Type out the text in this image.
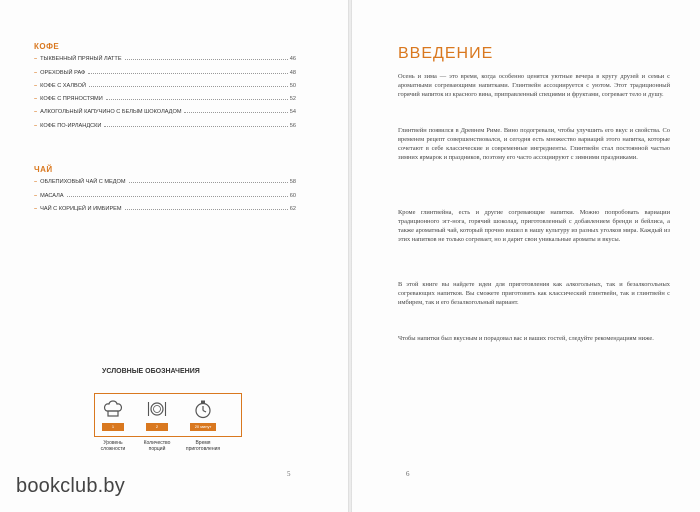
КОФЕ
– ТЫКВЕННЫЙ ПРЯНЫЙ ЛАТТЕ	46
– ОРЕХОВЫЙ РАФ	48
– КОФЕ С ХАЛВОЙ	50
– КОФЕ С ПРЯНОСТЯМИ	52
– АЛКОГОЛЬНЫЙ КАПУЧИНО С БЕЛЫМ ШОКОЛАДОМ	54
– КОФЕ ПО-ИРЛАНДСКИ	56
ЧАЙ
– ОБЛЕПИХОВЫЙ ЧАЙ С МЕДОМ	58
– МАСАЛА	60
– ЧАЙ С КОРИЦЕЙ И ИМБИРЕМ	62
УСЛОВНЫЕ ОБОЗНАЧЕНИЯ
1	2	20 минут
Уровень сложности
Количество порций
Время приготовления
5
ВВЕДЕНИЕ

Осень и зима — это время, когда особенно ценятся уютные вечера в кругу друзей и семьи с ароматными согревающими напитками. Глинтвейн ассоциируется с уютом. Этот традиционный горячий напиток из красного вина, приправленный специями и фруктами, согревает тело и душу.

Глинтвейн появился в Древнем Риме. Вино подогревали, чтобы улучшить его вкус и свойства. Со временем рецепт совершенствовался, и сегодня есть множество вариаций этого напитка, которые сочетают в себе классические и современные ингредиенты. Глинтвейн стал постоянной частью зимних ярмарок и праздников, поэтому его часто ассоциируют с зимними праздниками.

Кроме глинтвейна, есть и другие согревающие напитки. Можно попробовать вариации традиционного эгг-нога, горячий шоколад, приготовленный с добавлением бренди и бейлиса, а также ароматный чай, который прочно вошел в нашу культуру из разных уголков мира. Каждый из этих напитков не только согревает, но и дарит свои уникальные ароматы и вкусы.

В этой книге вы найдете идеи для приготовления как алкогольных, так и безалкогольных согревающих напитков. Вы сможете приготовить как классический глинтвейн, так и глинтвейн с имбирем, так и его безалкогольный вариант.

Чтобы напитки был вкусным и порадовал вас и ваших гостей, следуйте рекомендациям ниже.

6
bookclub.by
